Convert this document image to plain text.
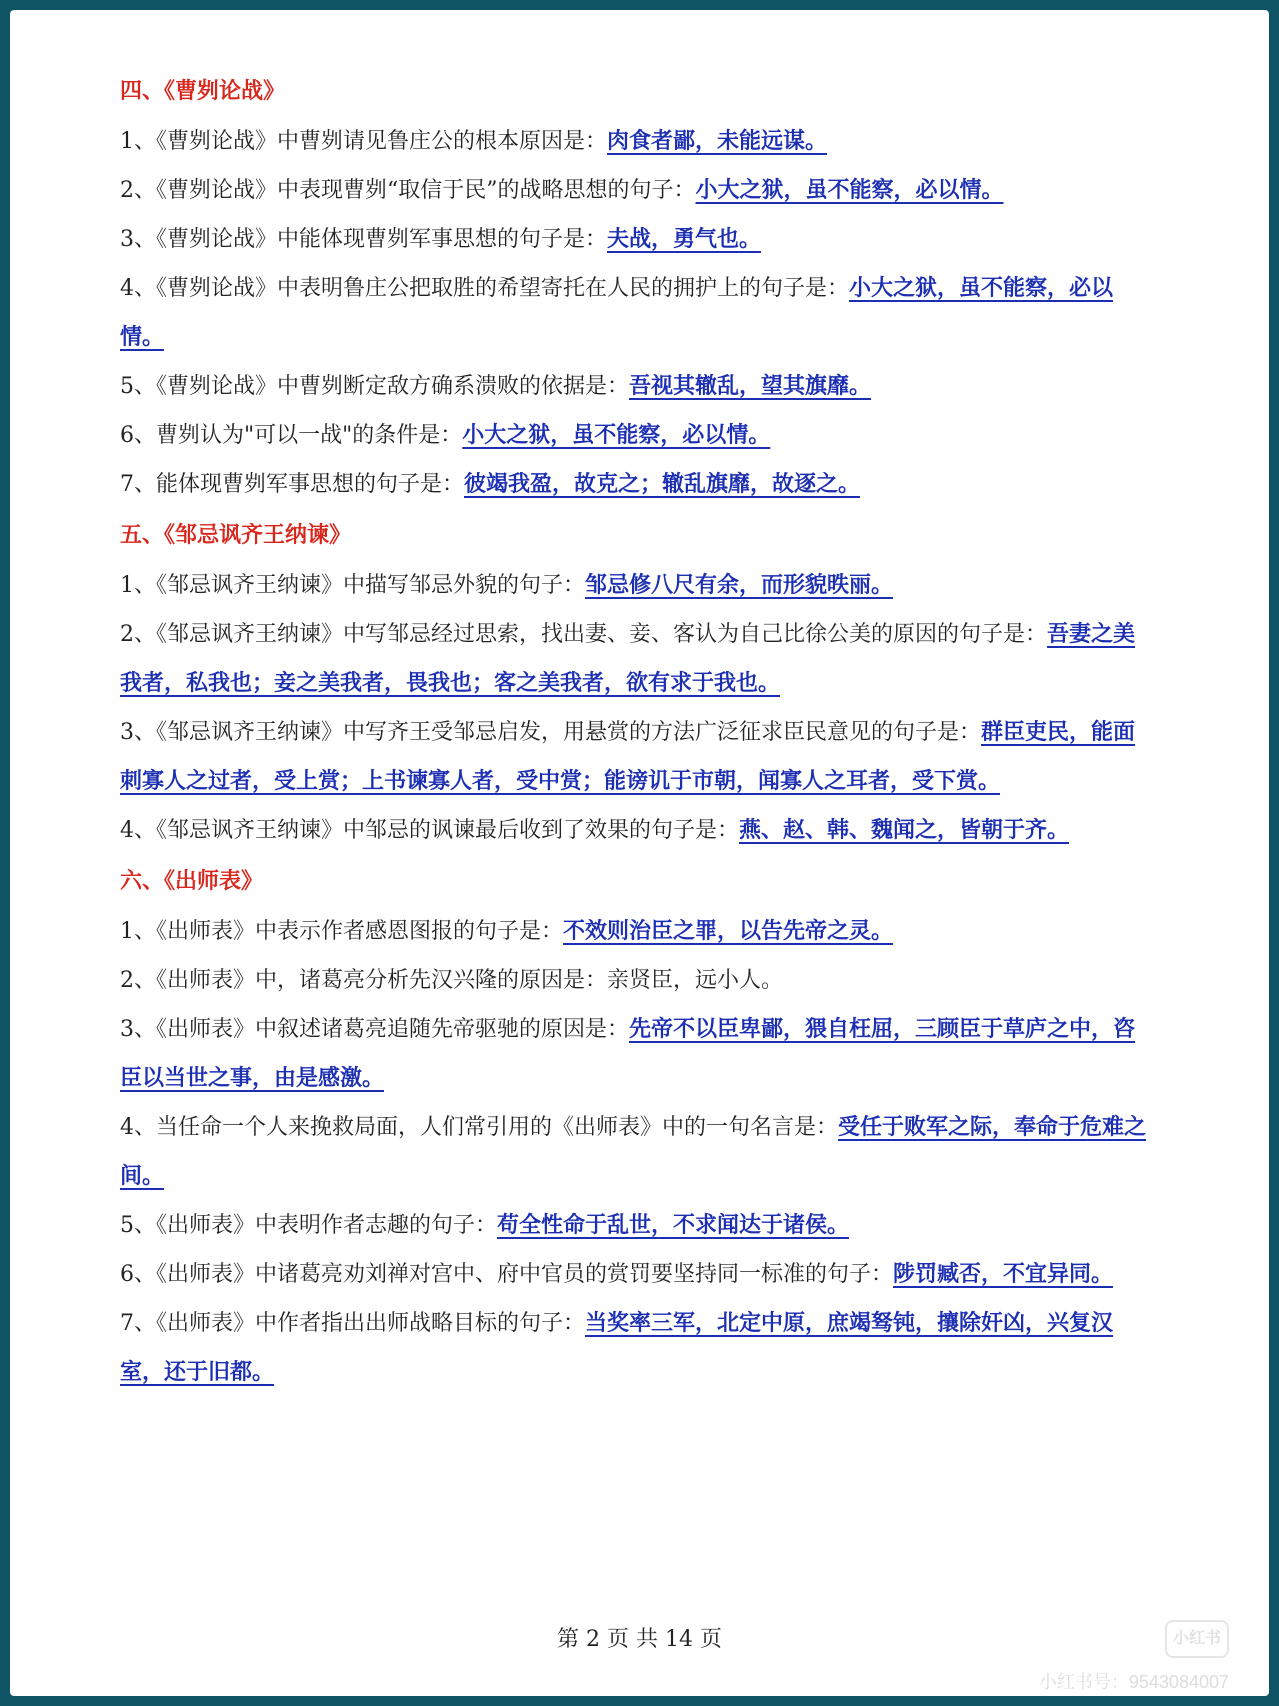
四、《曹刿论战》
1、《曹刿论战》中曹刿请见鲁庄公的根本原因是：肉食者鄙，未能远谋。
2、《曹刿论战》中表现曹刿“取信于民”的战略思想的句子：小大之狱，虽不能察，必以情。
3、《曹刿论战》中能体现曹刿军事思想的句子是：夫战，勇气也。
4、《曹刿论战》中表明鲁庄公把取胜的希望寄托在人民的拥护上的句子是：小大之狱，虽不能察，必以情。
5、《曹刿论战》中曹刿断定敌方确系溃败的依据是：吾视其辙乱，望其旗靡。
6、曹刿认为"可以一战"的条件是：小大之狱，虽不能察，必以情。
7、能体现曹刿军事思想的句子是：彼竭我盈，故克之；辙乱旗靡，故逐之。
五、《邹忌讽齐王纳谏》
1、《邹忌讽齐王纳谏》中描写邹忌外貌的句子：邹忌修八尺有余，而形貌昳丽。
2、《邹忌讽齐王纳谏》中写邹忌经过思索，找出妻、妾、客认为自己比徐公美的原因的句子是：吾妻之美我者，私我也；妾之美我者，畏我也；客之美我者，欲有求于我也。
3、《邹忌讽齐王纳谏》中写齐王受邹忌启发，用悬赏的方法广泛征求臣民意见的句子是：群臣吏民，能面刺寡人之过者，受上赏；上书谏寡人者，受中赏；能谤讥于市朝，闻寡人之耳者，受下赏。
4、《邹忌讽齐王纳谏》中邹忌的讽谏最后收到了效果的句子是：燕、赵、韩、魏闻之，皆朝于齐。
六、《出师表》
1、《出师表》中表示作者感恩图报的句子是：不效则治臣之罪，以告先帝之灵。
2、《出师表》中，诸葛亮分析先汉兴隆的原因是：亲贤臣，远小人。
3、《出师表》中叙述诸葛亮追随先帝驱驰的原因是：先帝不以臣卑鄙，猥自枉屈，三顾臣于草庐之中，咨臣以当世之事，由是感激。
4、当任命一个人来挽救局面，人们常引用的《出师表》中的一句名言是：受任于败军之际，奉命于危难之间。
5、《出师表》中表明作者志趣的句子：苟全性命于乱世，不求闻达于诸侯。
6、《出师表》中诸葛亮劝刘禅对宫中、府中官员的赏罚要坚持同一标准的句子：陟罚臧否，不宜异同。
7、《出师表》中作者指出出师战略目标的句子：当奖率三军，北定中原，庶竭驽钝，攘除奸凶，兴复汉室，还于旧都。
第 2 页 共 14 页	小红书
小红书号：9543084007
